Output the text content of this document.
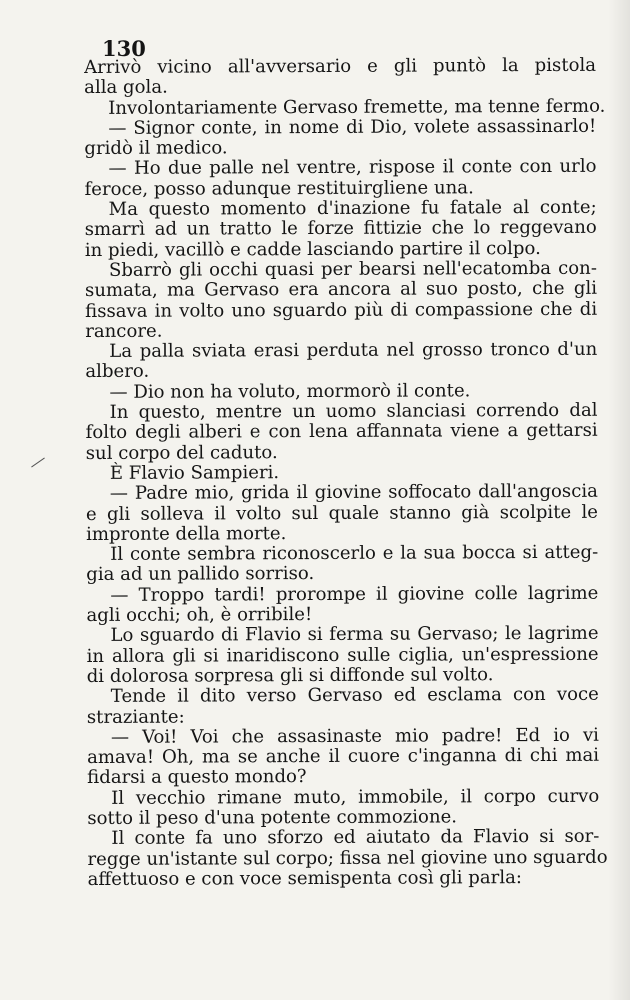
130
Arrivò vicino all'avversario e gli puntò la pistola
alla gola.
Involontariamente Gervaso fremette, ma tenne fermo.
— Signor conte, in nome di Dio, volete assassinarlo!
gridò il medico.
— Ho due palle nel ventre, rispose il conte con urlo
feroce, posso adunque restituirgliene una.
Ma questo momento d'inazione fu fatale al conte;
smarrì ad un tratto le forze fittizie che lo reggevano
in piedi, vacillò e cadde lasciando partire il colpo.
Sbarrò gli occhi quasi per bearsi nell'ecatomba con-
sumata, ma Gervaso era ancora al suo posto, che gli
fissava in volto uno sguardo più di compassione che di
rancore.
La palla sviata erasi perduta nel grosso tronco d'un
albero.
— Dio non ha voluto, mormorò il conte.
In questo, mentre un uomo slanciasi correndo dal
folto degli alberi e con lena affannata viene a gettarsi
sul corpo del caduto.
È Flavio Sampieri.
— Padre mio, grida il giovine soffocato dall'angoscia
e gli solleva il volto sul quale stanno già scolpite le
impronte della morte.
Il conte sembra riconoscerlo e la sua bocca si atteg-
gia ad un pallido sorriso.
— Troppo tardi! prorompe il giovine colle lagrime
agli occhi; oh, è orribile!
Lo sguardo di Flavio si ferma su Gervaso; le lagrime
in allora gli si inaridiscono sulle ciglia, un'espressione
di dolorosa sorpresa gli si diffonde sul volto.
Tende il dito verso Gervaso ed esclama con voce
straziante:
— Voi! Voi che assasinaste mio padre! Ed io vi
amava! Oh, ma se anche il cuore c'inganna di chi mai
fidarsi a questo mondo?
Il vecchio rimane muto, immobile, il corpo curvo
sotto il peso d'una potente commozione.
Il conte fa uno sforzo ed aiutato da Flavio si sor-
regge un'istante sul corpo; fissa nel giovine uno sguardo
affettuoso e con voce semispenta così gli parla:
